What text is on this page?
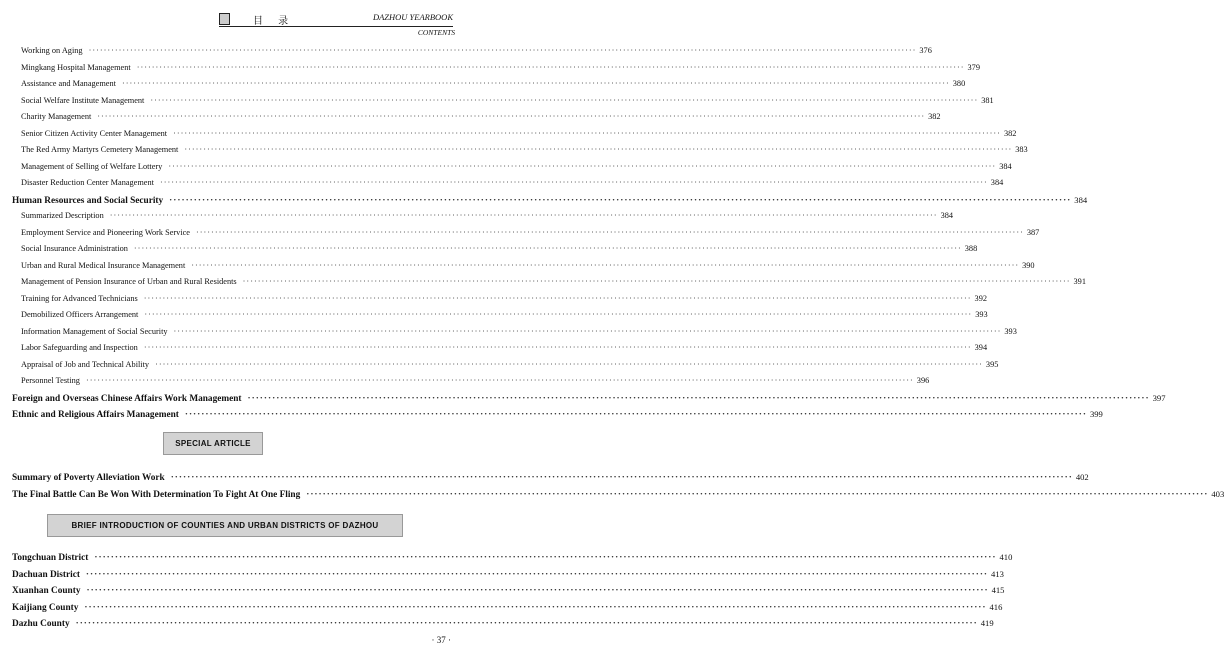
目 录	DAZHOU YEARBOOK
CONTENTS
Working on Aging ···························································································································································································································· 376
Mingkang Hospital Management ···························································································································································································································· 379
Assistance and Management ···························································································································································································································· 380
Social Welfare Institute Management ···························································································································································································································· 381
Charity Management ···························································································································································································································· 382
Senior Citizen Activity Center Management ···························································································································································································································· 382
The Red Army Martyrs Cemetery Management ···························································································································································································································· 383
Management of Selling of Welfare Lottery ···························································································································································································································· 384
Disaster Reduction Center Management ···························································································································································································································· 384
Human Resources and Social Security ···························································································································································································································· 384
Summarized Description ···························································································································································································································· 384
Employment Service and Pioneering Work Service ···························································································································································································································· 387
Social Insurance Administration ···························································································································································································································· 388
Urban and Rural Medical Insurance Management ···························································································································································································································· 390
Management of Pension Insurance of Urban and Rural Residents ···························································································································································································································· 391
Training for Advanced Technicians ···························································································································································································································· 392
Demobilized Officers Arrangement ···························································································································································································································· 393
Information Management of Social Security ···························································································································································································································· 393
Labor Safeguarding and Inspection ···························································································································································································································· 394
Appraisal of Job and Technical Ability ···························································································································································································································· 395
Personnel Testing ···························································································································································································································· 396
Foreign and Overseas Chinese Affairs Work Management ···························································································································································································································· 397
Ethnic and Religious Affairs Management ···························································································································································································································· 399
Summary of Poverty Alleviation Work ···························································································································································································································· 402
The Final Battle Can Be Won With Determination To Fight At One Fling ···························································································································································································································· 403
Tongchuan District ···························································································································································································································· 410
Dachuan District ···························································································································································································································· 413
Xuanhan County ···························································································································································································································· 415
Kaijiang County ···························································································································································································································· 416
Dazhu County ···························································································································································································································· 419
SPECIAL ARTICLE
BRIEF INTRODUCTION OF COUNTIES AND URBAN DISTRICTS OF DAZHOU
· 37 ·
